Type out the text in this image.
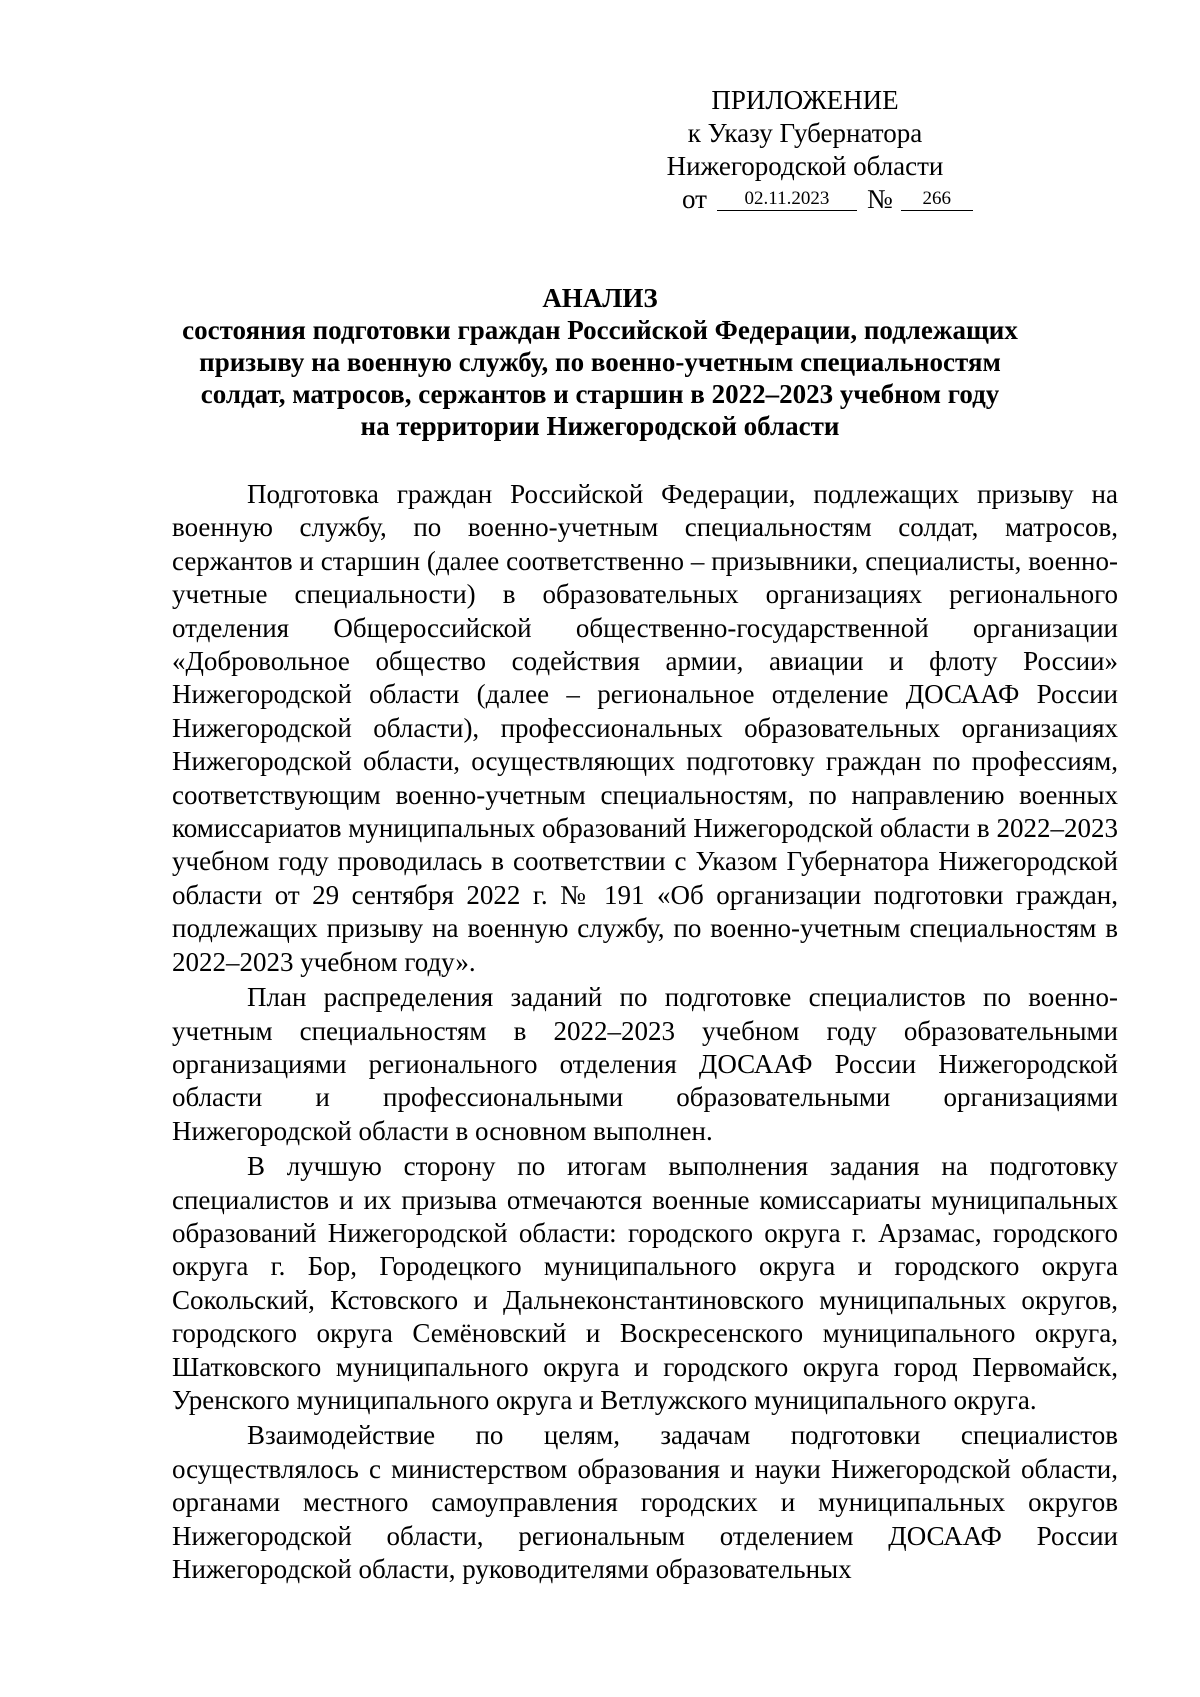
ПРИЛОЖЕНИЕ
к Указу Губернатора
Нижегородской области
от 02.11.2023 № 266
АНАЛИЗ
состояния подготовки граждан Российской Федерации, подлежащих
призыву на военную службу, по военно-учетным специальностям
солдат, матросов, сержантов и старшин в 2022–2023 учебном году
на территории Нижегородской области

Подготовка граждан Российской Федерации, подлежащих призыву на военную службу, по военно-учетным специальностям солдат, матросов, сержантов и старшин (далее соответственно – призывники, специалисты, военно-учетные специальности) в образовательных организациях регионального отделения Общероссийской общественно-государственной организации «Добровольное общество содействия армии, авиации и флоту России» Нижегородской области (далее – региональное отделение ДОСААФ России Нижегородской области), профессиональных образовательных организациях Нижегородской области, осуществляющих подготовку граждан по профессиям, соответствующим военно-учетным специальностям, по направлению военных комиссариатов муниципальных образований Нижегородской области в 2022–2023 учебном году проводилась в соответствии с Указом Губернатора Нижегородской области от 29 сентября 2022 г. № 191 «Об организации подготовки граждан, подлежащих призыву на военную службу, по военно-учетным специальностям в 2022–2023 учебном году».

План распределения заданий по подготовке специалистов по военно-учетным специальностям в 2022–2023 учебном году образовательными организациями регионального отделения ДОСААФ России Нижегородской области и профессиональными образовательными организациями Нижегородской области в основном выполнен.

В лучшую сторону по итогам выполнения задания на подготовку специалистов и их призыва отмечаются военные комиссариаты муниципальных образований Нижегородской области: городского округа г. Арзамас, городского округа г. Бор, Городецкого муниципального округа и городского округа Сокольский, Кстовского и Дальнеконстантиновского муниципальных округов, городского округа Семёновский и Воскресенского муниципального округа, Шатковского муниципального округа и городского округа город Первомайск, Уренского муниципального округа и Ветлужского муниципального округа.

Взаимодействие по целям, задачам подготовки специалистов осуществлялось с министерством образования и науки Нижегородской области, органами местного самоуправления городских и муниципальных округов Нижегородской области, региональным отделением ДОСААФ России Нижегородской области, руководителями образовательных
